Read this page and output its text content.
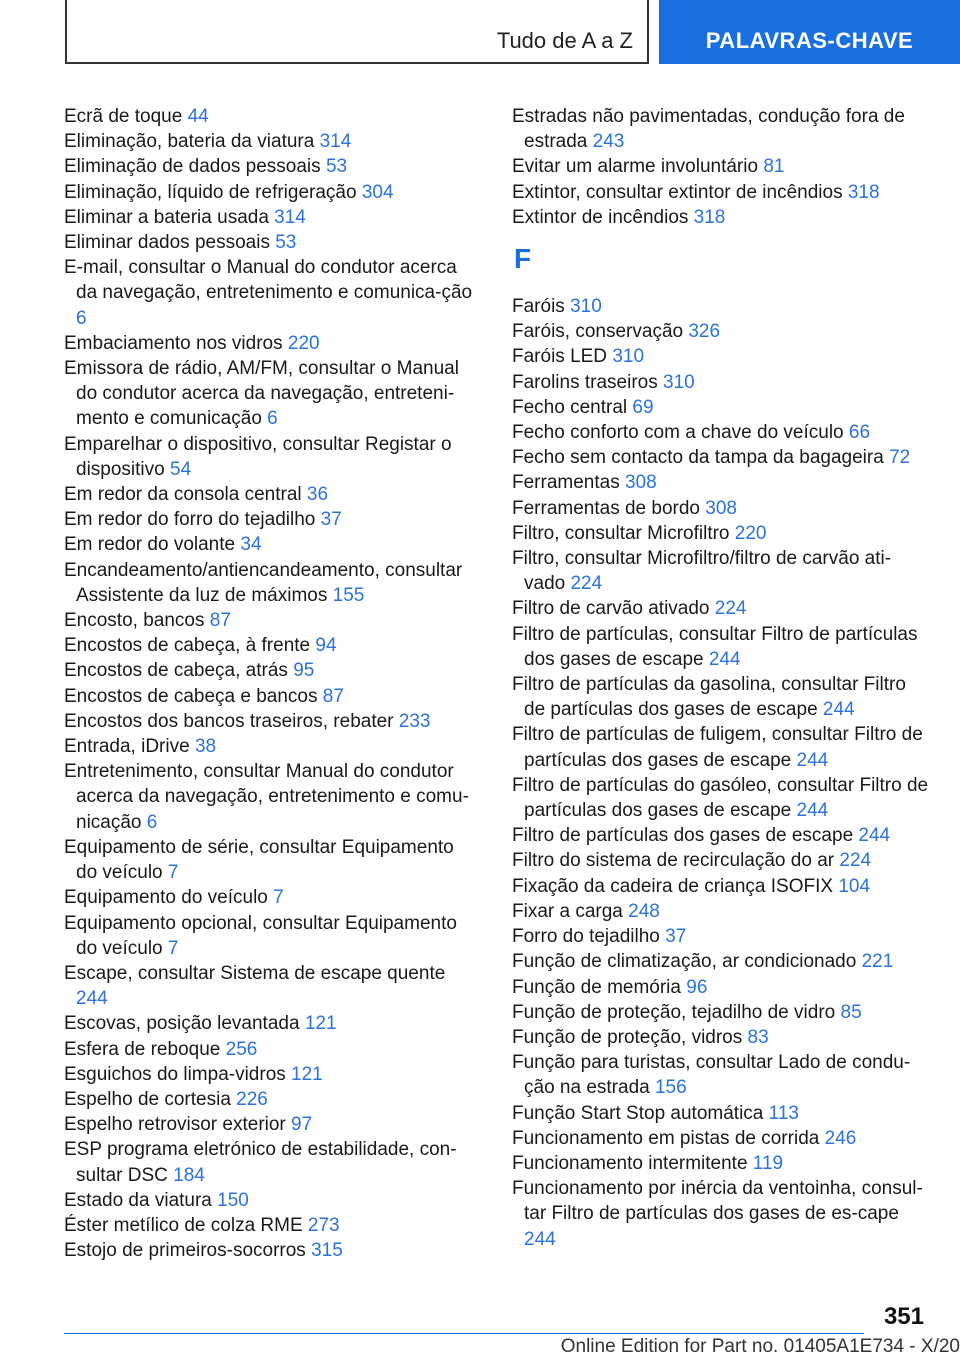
Tudo de A a Z	PALAVRAS-CHAVE
Ecrã de toque 44
Eliminação, bateria da viatura 314
Eliminação de dados pessoais 53
Eliminação, líquido de refrigeração 304
Eliminar a bateria usada 314
Eliminar dados pessoais 53
E-mail, consultar o Manual do condutor acerca da navegação, entretenimento e comunica‐ção 6
Embaciamento nos vidros 220
Emissora de rádio, AM/FM, consultar o Manual do condutor acerca da navegação, entreteni‐mento e comunicação 6
Emparelhar o dispositivo, consultar Registar o dispositivo 54
Em redor da consola central 36
Em redor do forro do tejadilho 37
Em redor do volante 34
Encandeamento/antiencandeamento, consultar Assistente da luz de máximos 155
Encosto, bancos 87
Encostos de cabeça, à frente 94
Encostos de cabeça, atrás 95
Encostos de cabeça e bancos 87
Encostos dos bancos traseiros, rebater 233
Entrada, iDrive 38
Entretenimento, consultar Manual do condutor acerca da navegação, entretenimento e comu‐nicação 6
Equipamento de série, consultar Equipamento do veículo 7
Equipamento do veículo 7
Equipamento opcional, consultar Equipamento do veículo 7
Escape, consultar Sistema de escape quente 244
Escovas, posição levantada 121
Esfera de reboque 256
Esguichos do limpa-vidros 121
Espelho de cortesia 226
Espelho retrovisor exterior 97
ESP programa eletrónico de estabilidade, con‐sultar DSC 184
Estado da viatura 150
Éster metílico de colza RME 273
Estojo de primeiros-socorros 315
Estradas não pavimentadas, condução fora de estrada 243
Evitar um alarme involuntário 81
Extintor, consultar extintor de incêndios 318
Extintor de incêndios 318
F
Faróis 310
Faróis, conservação 326
Faróis LED 310
Farolins traseiros 310
Fecho central 69
Fecho conforto com a chave do veículo 66
Fecho sem contacto da tampa da bagageira 72
Ferramentas 308
Ferramentas de bordo 308
Filtro, consultar Microfiltro 220
Filtro, consultar Microfiltro/filtro de carvão ati‐vado 224
Filtro de carvão ativado 224
Filtro de partículas, consultar Filtro de partículas dos gases de escape 244
Filtro de partículas da gasolina, consultar Filtro de partículas dos gases de escape 244
Filtro de partículas de fuligem, consultar Filtro de partículas dos gases de escape 244
Filtro de partículas do gasóleo, consultar Filtro de partículas dos gases de escape 244
Filtro de partículas dos gases de escape 244
Filtro do sistema de recirculação do ar 224
Fixação da cadeira de criança ISOFIX 104
Fixar a carga 248
Forro do tejadilho 37
Função de climatização, ar condicionado 221
Função de memória 96
Função de proteção, tejadilho de vidro 85
Função de proteção, vidros 83
Função para turistas, consultar Lado de condu‐ção na estrada 156
Função Start Stop automática 113
Funcionamento em pistas de corrida 246
Funcionamento intermitente 119
Funcionamento por inércia da ventoinha, consul‐tar Filtro de partículas dos gases de es‐cape 244
351
Online Edition for Part no. 01405A1E734 - X/20
